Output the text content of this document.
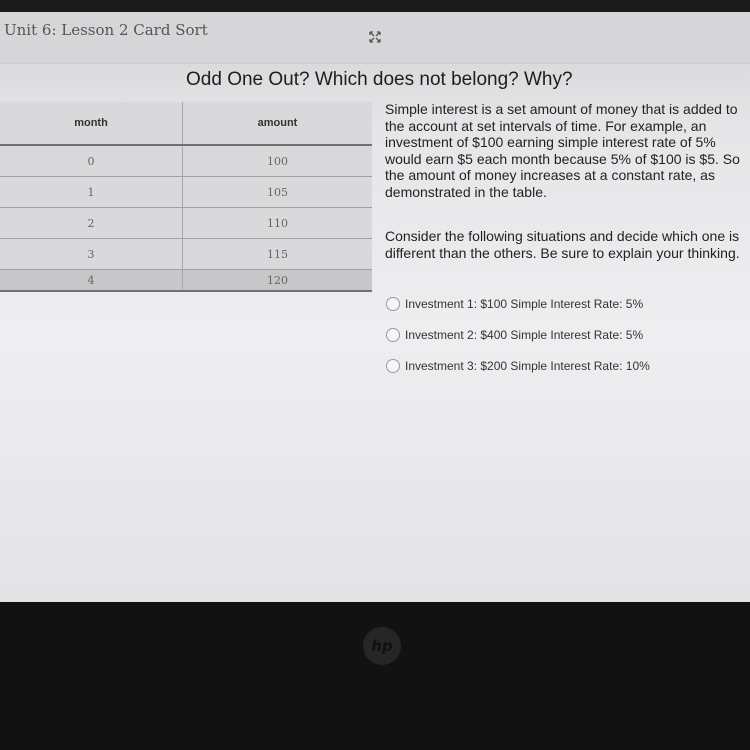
Unit 6: Lesson 2 Card Sort
Odd One Out? Which does not belong? Why?
month	amount
0	100
1	105
2	110
3	115
4	120

Simple interest is a set amount of money that is added to the account at set intervals of time. For example, an investment of $100 earning simple interest rate of 5% would earn $5 each month because 5% of $100 is $5. So the amount of money increases at a constant rate, as demonstrated in the table.

Consider the following situations and decide which one is different than the others. Be sure to explain your thinking.

Investment 1: $100 Simple Interest Rate: 5%
Investment 2: $400 Simple Interest Rate: 5%
Investment 3: $200 Simple Interest Rate: 10%
hp
